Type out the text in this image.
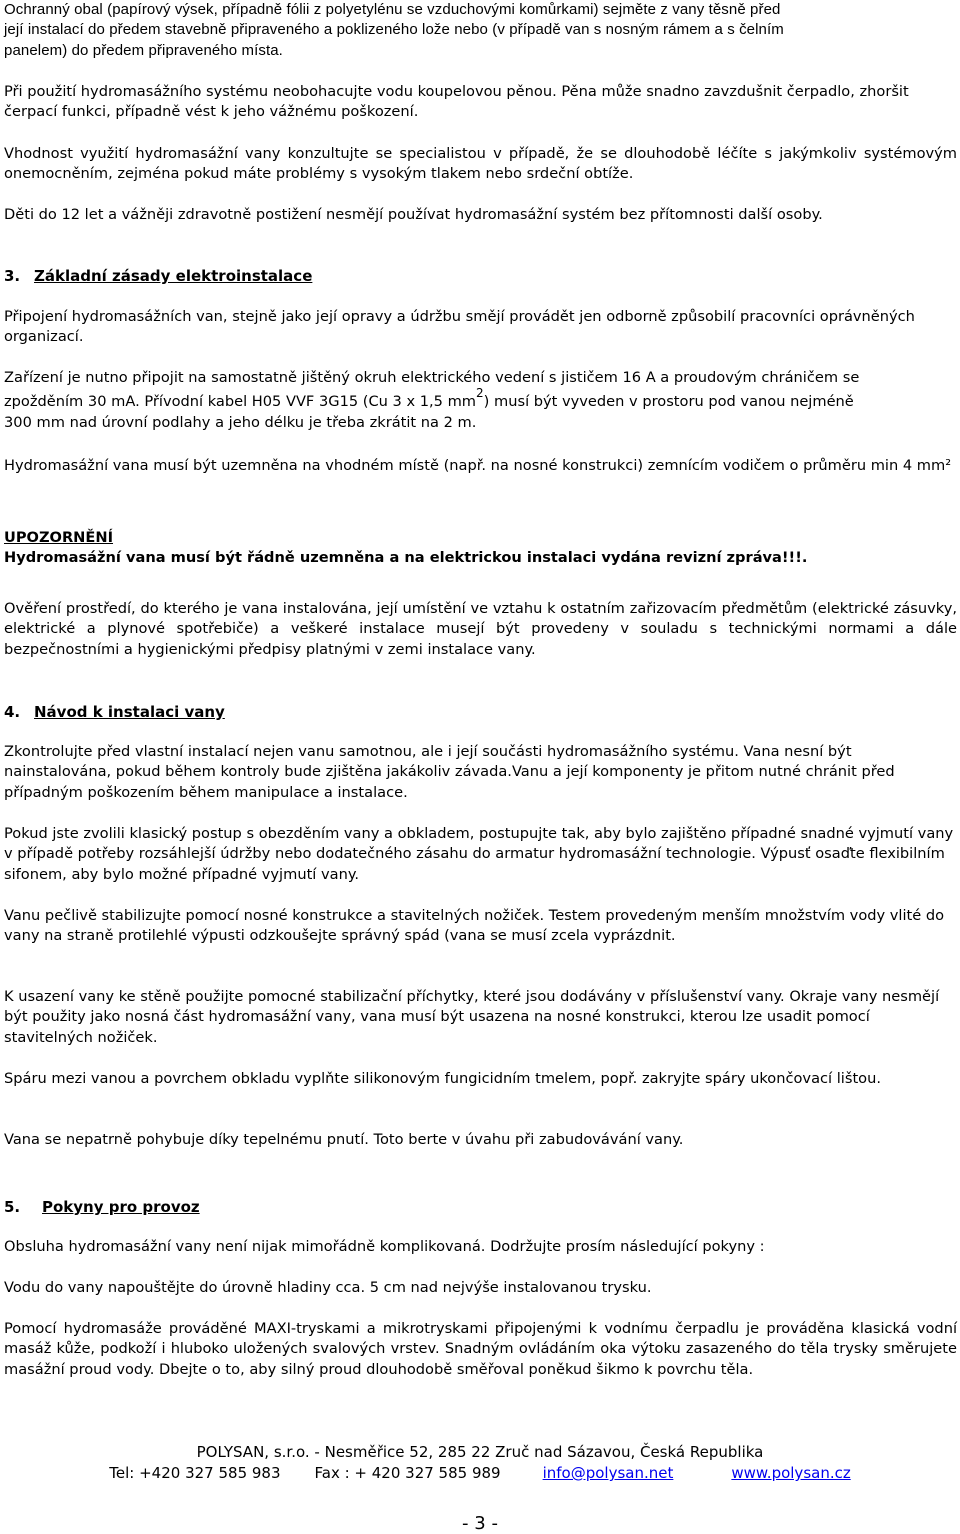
Ochranný obal (papírový výsek, případně fólii z polyetylénu se vzduchovými komůrkami) sejměte z vany těsně před

její instalací do předem stavebně připraveného a poklizeného lože nebo (v případě van s nosným rámem a s čelním

panelem) do předem připraveného místa.

Při použití hydromasážního systému neobohacujte vodu koupelovou pěnou. Pěna může snadno zavzdušnit čerpadlo, zhoršit čerpací funkci, případně vést k jeho vážnému poškození.

Vhodnost využití hydromasážní vany konzultujte se specialistou v případě, že se dlouhodobě léčíte s jakýmkoliv systémovým onemocněním, zejména pokud máte problémy s vysokým tlakem nebo srdeční obtíže.

Děti do 12 let a vážněji zdravotně postižení nesmějí používat hydromasážní systém bez přítomnosti další osoby.

3. Základní zásady elektroinstalace

Připojení hydromasážních van, stejně jako její opravy a údržbu smějí provádět jen odborně způsobilí pracovníci oprávněných organizací.

Zařízení je nutno připojit na samostatně jištěný okruh elektrického vedení s jističem 16 A a proudovým chráničem se

zpožděním 30 mA. Přívodní kabel H05 VVF 3G15 (Cu 3 x 1,5 $mm^2$) musí být vyveden v prostoru pod vanou nejméně

300 mm nad úrovní podlahy a jeho délku je třeba zkrátit na 2 m.

Hydromasážní vana musí být uzemněna na vhodném místě (např. na nosné konstrukci) zemnícím vodičem o průměru min 4 mm²

UPOZORNĚNÍ

Hydromasážní vana musí být řádně uzemněna a na elektrickou instalaci vydána revizní zpráva!!!.

Ověření prostředí, do kterého je vana instalována, její umístění ve vztahu k ostatním zařizovacím předmětům (elektrické zásuvky, elektrické a plynové spotřebiče) a veškeré instalace musejí být provedeny v souladu s technickými normami a dále bezpečnostními a hygienickými předpisy platnými v zemi instalace vany.

4. Návod k instalaci vany

Zkontrolujte před vlastní instalací nejen vanu samotnou, ale i její součásti hydromasážního systému. Vana nesní být nainstalována, pokud během kontroly bude zjištěna jakákoliv závada.Vanu a její komponenty je přitom nutné chránit před případným poškozením během manipulace a instalace.

Pokud jste zvolili klasický postup s obezděním vany a obkladem, postupujte tak, aby bylo zajištěno případné snadné vyjmutí vany v případě potřeby rozsáhlejší údržby nebo dodatečného zásahu do armatur hydromasážní technologie. Výpusť osaďte flexibilním sifonem, aby bylo možné případné vyjmutí vany.

Vanu pečlivě stabilizujte pomocí nosné konstrukce a stavitelných nožiček. Testem provedeným menším množstvím vody vlité do vany na straně protilehlé výpusti odzkoušejte správný spád (vana se musí zcela vyprázdnit.

K usazení vany ke stěně použijte pomocné stabilizační příchytky, které jsou dodávány v příslušenství vany. Okraje vany nesmějí být použity jako nosná část hydromasážní vany, vana musí být usazena na nosné konstrukci, kterou lze usadit pomocí stavitelných nožiček.

Spáru mezi vanou a povrchem obkladu vyplňte silikonovým fungicidním tmelem, popř. zakryjte spáry ukončovací lištou.

Vana se nepatrně pohybuje díky tepelnému pnutí. Toto berte v úvahu při zabudovávání vany.

5. Pokyny pro provoz

Obsluha hydromasážní vany není nijak mimořádně komplikovaná. Dodržujte prosím následující pokyny :

Vodu do vany napouštějte do úrovně hladiny cca. 5 cm nad nejvýše instalovanou trysku.

Pomocí hydromasáže prováděné MAXI-tryskami a mikrotryskami připojenými k vodnímu čerpadlu je prováděna klasická vodní masáž kůže, podkoží i hluboko uložených svalových vrstev. Snadným ovládáním oka výtoku zasazeného do těla trysky směrujete masážní proud vody. Dbejte o to, aby silný proud dlouhodobě směřoval poněkud šikmo k povrchu těla.

POLYSAN, s.r.o. - Nesměřice 52, 285 22 Zruč nad Sázavou, Česká Republika
Tel: +420 327 585 983 Fax : + 420 327 585 989	info@polysan.net	www.polysan.cz
- 3 -
